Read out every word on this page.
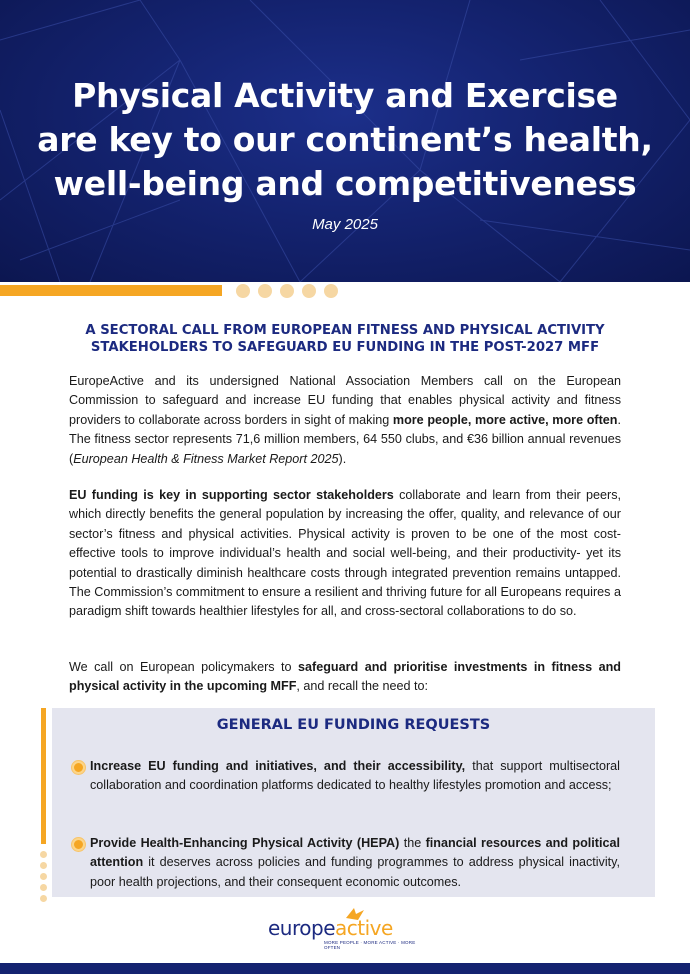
Physical Activity and Exercise
are key to our continent’s health,
well-being and competitiveness
May 2025
A SECTORAL CALL FROM EUROPEAN FITNESS AND PHYSICAL ACTIVITY
STAKEHOLDERS TO SAFEGUARD EU FUNDING IN THE POST-2027 MFF

EuropeActive and its undersigned National Association Members call on the European Commission to safeguard and increase EU funding that enables physical activity and fitness providers to collaborate across borders in sight of making more people, more active, more often. The fitness sector represents 71,6 million members, 64 550 clubs, and €36 billion annual revenues (European Health & Fitness Market Report 2025).

EU funding is key in supporting sector stakeholders collaborate and learn from their peers, which directly benefits the general population by increasing the offer, quality, and relevance of our sector’s fitness and physical activities. Physical activity is proven to be one of the most cost-effective tools to improve individual’s health and social well-being, and their productivity- yet its potential to drastically diminish healthcare costs through integrated prevention remains untapped. The Commission’s commitment to ensure a resilient and thriving future for all Europeans requires a paradigm shift towards healthier lifestyles for all, and cross-sectoral collaborations to do so.

We call on European policymakers to safeguard and prioritise investments in fitness and physical activity in the upcoming MFF, and recall the need to:

GENERAL EU FUNDING REQUESTS

Increase EU funding and initiatives, and their accessibility, that support multisectoral collaboration and coordination platforms dedicated to healthy lifestyles promotion and access;

Provide Health-Enhancing Physical Activity (HEPA) the financial resources and political attention it deserves across policies and funding programmes to address physical inactivity, poor health projections, and their consequent economic outcomes.

europeactive
MORE PEOPLE · MORE ACTIVE · MORE OFTEN
